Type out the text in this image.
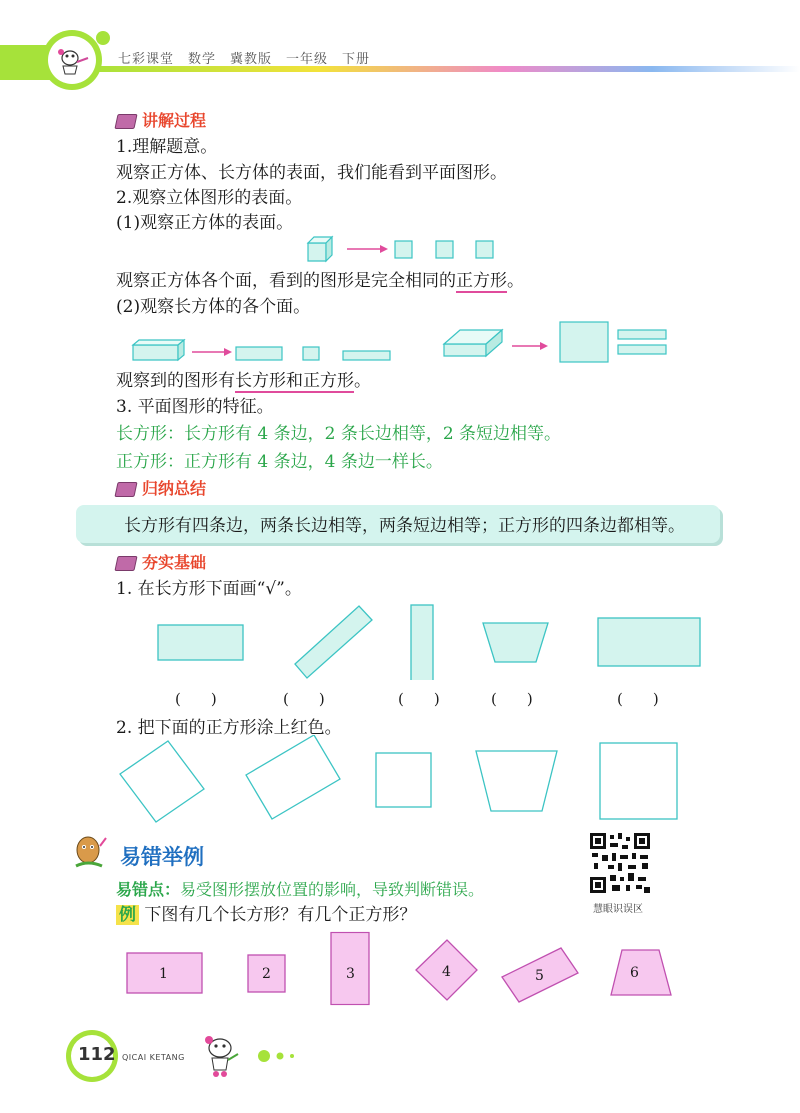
七彩课堂　数学　冀教版　一年级　下册
讲解过程
1.理解题意。
观察正方体、长方体的表面，我们能看到平面图形。
2.观察立体图形的表面。
(1)观察正方体的表面。
观察正方体各个面，看到的图形是完全相同的正方形。
(2)观察长方体的各个面。
观察到的图形有长方形和正方形。
3. 平面图形的特征。
长方形：长方形有 4 条边，2 条长边相等，2 条短边相等。
正方形：正方形有 4 条边，4 条边一样长。
归纳总结
长方形有四条边，两条长边相等，两条短边相等；正方形的四条边都相等。
夯实基础
1. 在长方形下面画“√”。
(　　)	(　　)	(　　)	(　　)	(　　)
2. 把下面的正方形涂上红色。
易错举例
慧眼识误区
易错点：易受图形摆放位置的影响，导致判断错误。
例 下图有几个长方形？有几个正方形？
1	2	3	4	5	6
112 QICAI KETANG
